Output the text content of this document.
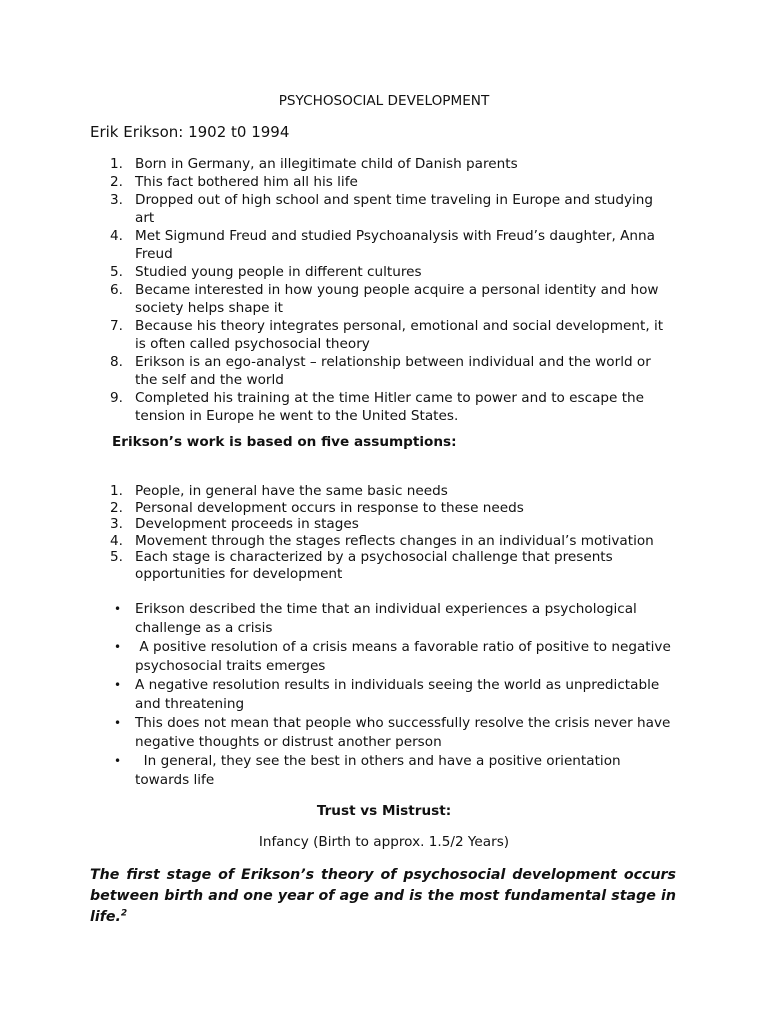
PSYCHOSOCIAL DEVELOPMENT
Erik Erikson: 1902 t0 1994
1. Born in Germany, an illegitimate child of Danish parents
2. This fact bothered him all his life
3. Dropped out of high school and spent time traveling in Europe and studying art
4. Met Sigmund Freud and studied Psychoanalysis with Freud’s daughter, Anna Freud
5. Studied young people in different cultures
6. Became interested in how young people acquire a personal identity and how society helps shape it
7. Because his theory integrates personal, emotional and social development, it is often called psychosocial theory
8. Erikson is an ego-analyst – relationship between individual and the world or the self and the world
9. Completed his training at the time Hitler came to power and to escape the tension in Europe he went to the United States.
Erikson’s work is based on five assumptions:
1. People, in general have the same basic needs
2. Personal development occurs in response to these needs
3. Development proceeds in stages
4. Movement through the stages reflects changes in an individual’s motivation
5. Each stage is characterized by a psychosocial challenge that presents opportunities for development
• Erikson described the time that an individual experiences a psychological challenge as a crisis
• A positive resolution of a crisis means a favorable ratio of positive to negative psychosocial traits emerges
• A negative resolution results in individuals seeing the world as unpredictable and threatening
• This does not mean that people who successfully resolve the crisis never have negative thoughts or distrust another person
• In general, they see the best in others and have a positive orientation towards life
Trust vs Mistrust:

Infancy (Birth to approx. 1.5/2 Years)

The first stage of Erikson’s theory of psychosocial development occurs between birth and one year of age and is the most fundamental stage in life.$^2$
